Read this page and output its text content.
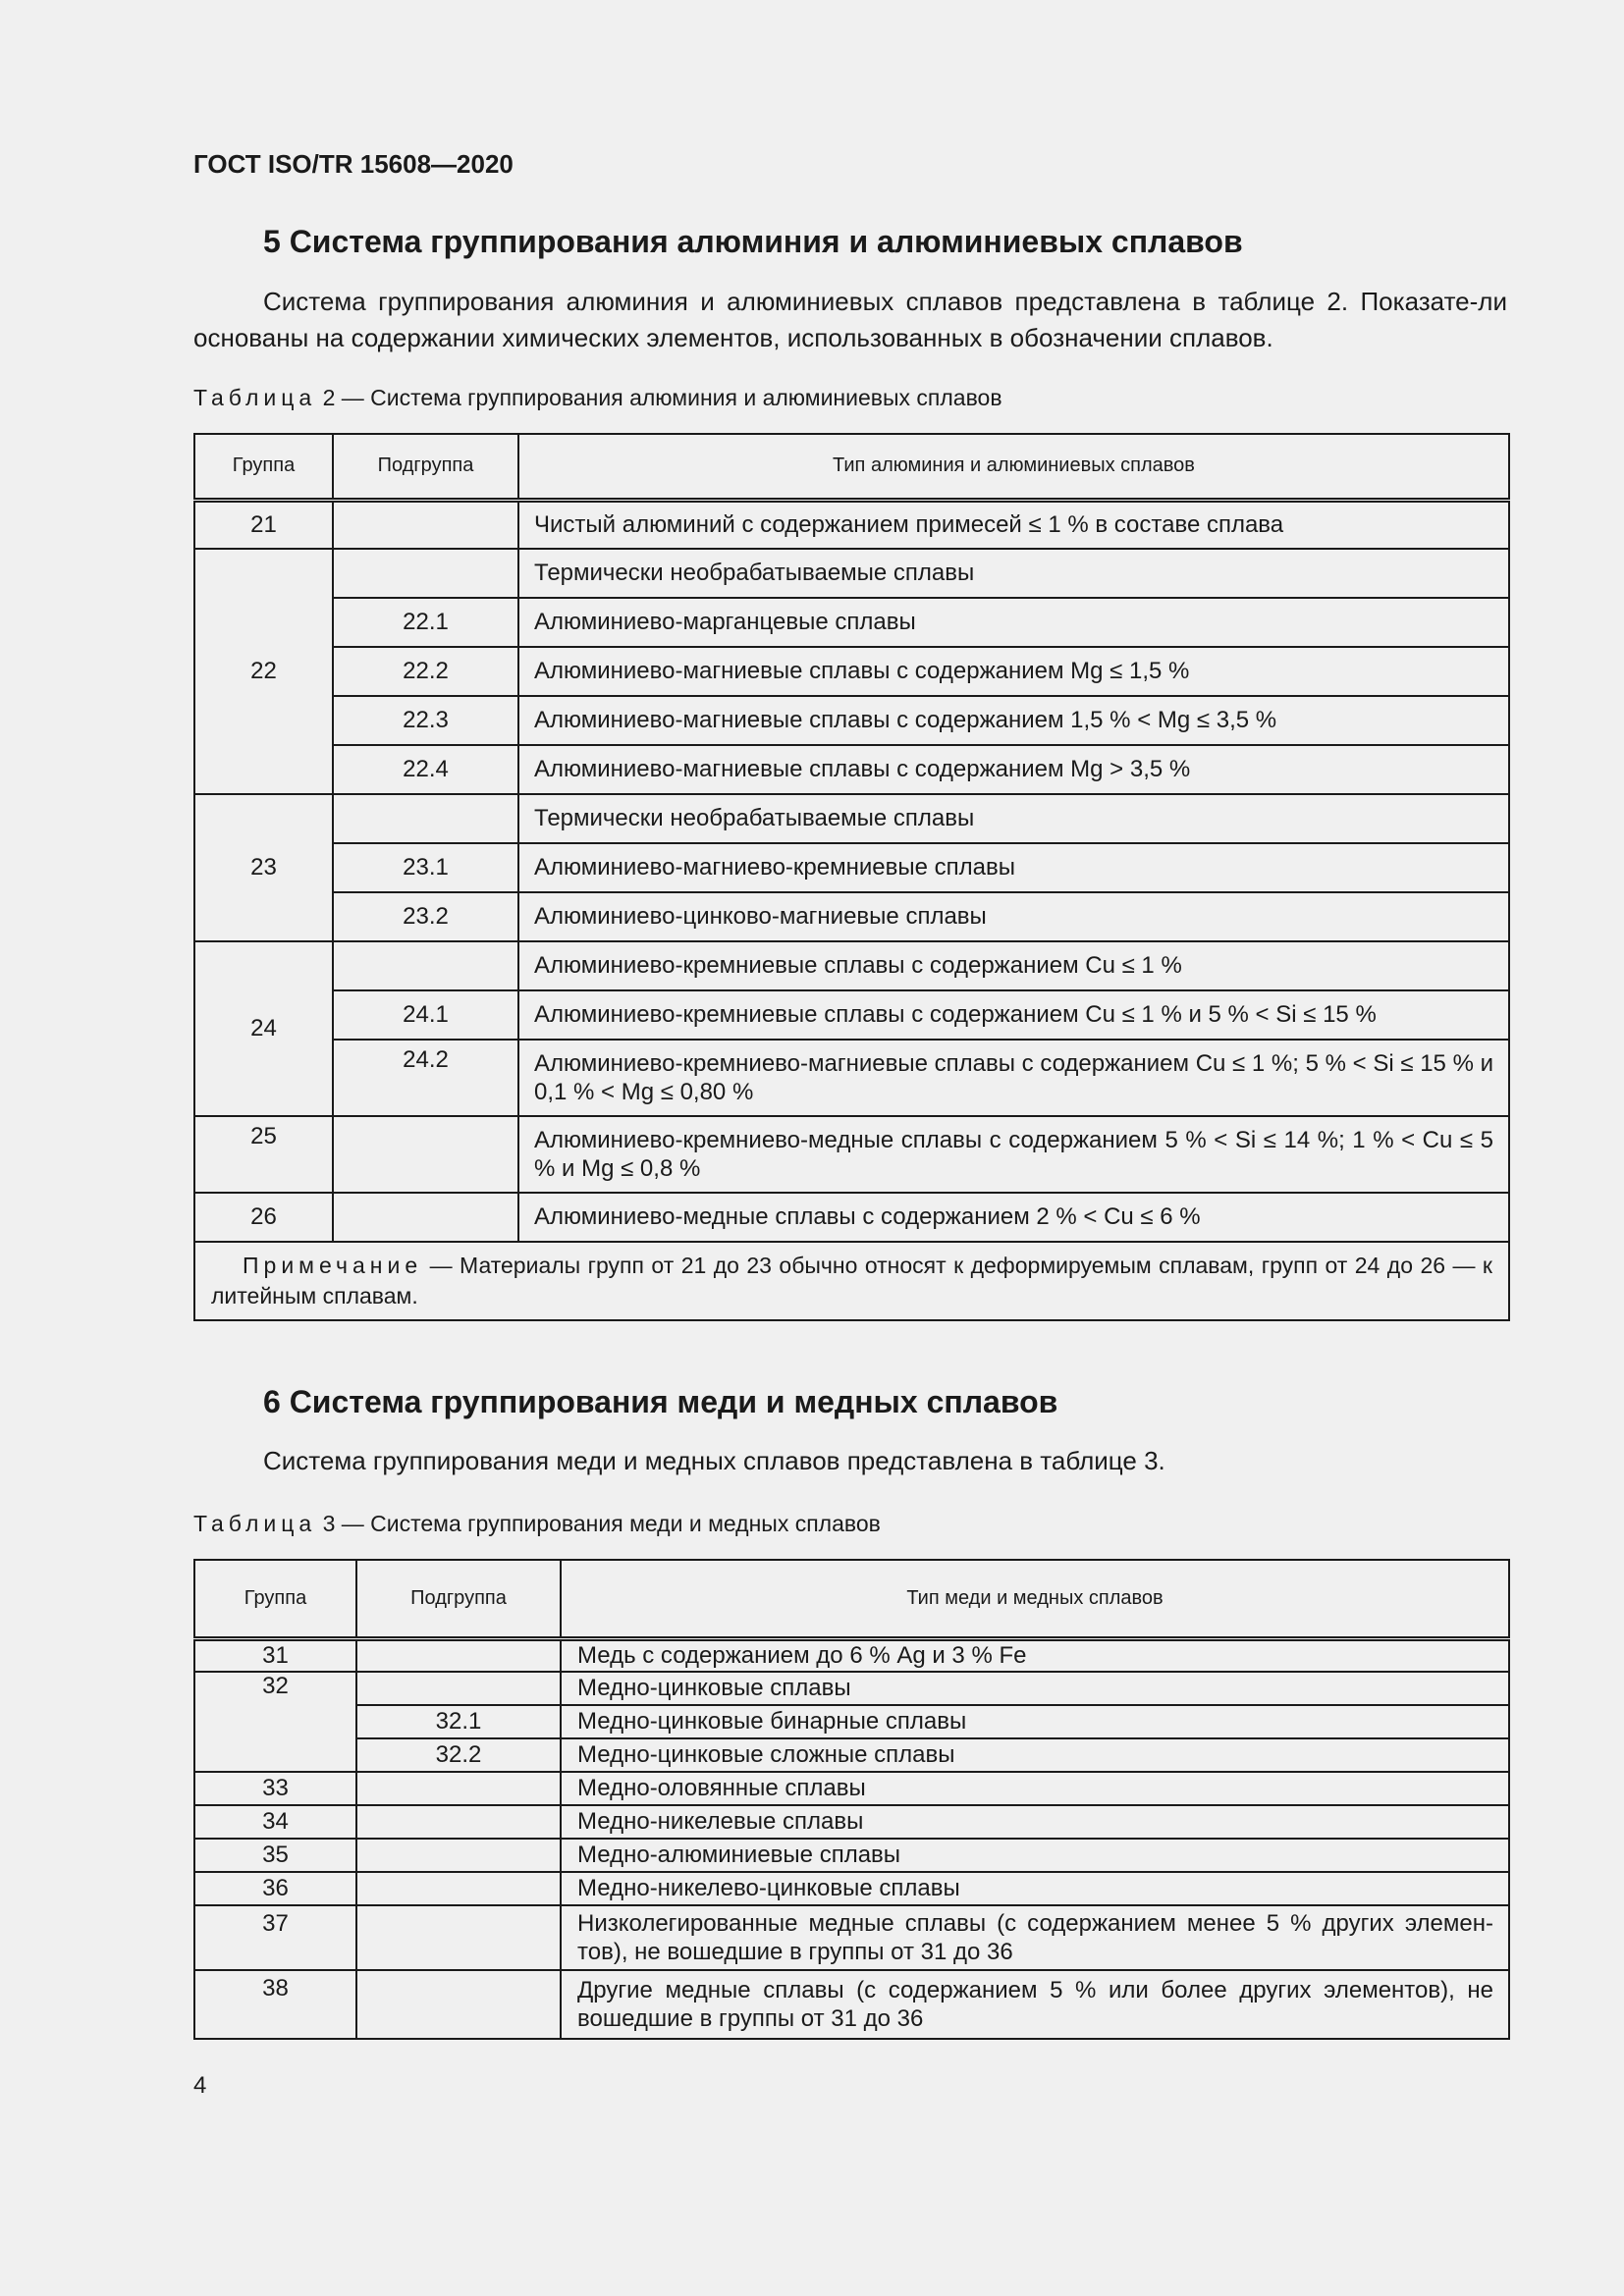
ГОСТ ISO/TR 15608—2020
5 Система группирования алюминия и алюминиевых сплавов
Система группирования алюминия и алюминиевых сплавов представлена в таблице 2. Показате-ли основаны на содержании химических элементов, использованных в обозначении сплавов.
Таблица 2 — Система группирования алюминия и алюминиевых сплавов
Группа	Подгруппа	Тип алюминия и алюминиевых сплавов
21		Чистый алюминий с содержанием примесей ≤ 1 % в составе сплава
22		Термически необрабатываемые сплавы
	22.1	Алюминиево-марганцевые сплавы
	22.2	Алюминиево-магниевые сплавы с содержанием Mg ≤ 1,5 %
	22.3	Алюминиево-магниевые сплавы с содержанием 1,5 % < Mg ≤ 3,5 %
	22.4	Алюминиево-магниевые сплавы с содержанием Mg > 3,5 %
23		Термически необрабатываемые сплавы
	23.1	Алюминиево-магниево-кремниевые сплавы
	23.2	Алюминиево-цинково-магниевые сплавы
24		Алюминиево-кремниевые сплавы с содержанием Cu ≤ 1 %
	24.1	Алюминиево-кремниевые сплавы с содержанием Cu ≤ 1 % и 5 % < Si ≤ 15 %
	24.2	Алюминиево-кремниево-магниевые сплавы с содержанием Cu ≤ 1 %; 5 % < Si ≤ 15 % и 0,1 % < Mg ≤ 0,80 %
25		Алюминиево-кремниево-медные сплавы с содержанием 5 % < Si ≤ 14 %; 1 % < Cu ≤ 5 % и Mg ≤ 0,8 %
26		Алюминиево-медные сплавы с содержанием 2 % < Cu ≤ 6 %
Примечание — Материалы групп от 21 до 23 обычно относят к деформируемым сплавам, групп от 24 до 26 — к литейным сплавам.		
6 Система группирования меди и медных сплавов
Система группирования меди и медных сплавов представлена в таблице 3.
Таблица 3 — Система группирования меди и медных сплавов
Группа	Подгруппа	Тип меди и медных сплавов
31		Медь с содержанием до 6 % Ag и 3 % Fe
32		Медно-цинковые сплавы
	32.1	Медно-цинковые бинарные сплавы
	32.2	Медно-цинковые сложные сплавы
33		Медно-оловянные сплавы
34		Медно-никелевые сплавы
35		Медно-алюминиевые сплавы
36		Медно-никелево-цинковые сплавы
37		Низколегированные медные сплавы (с содержанием менее 5 % других элемен-тов), не вошедшие в группы от 31 до 36
38		Другие медные сплавы (с содержанием 5 % или более других элементов), не вошедшие в группы от 31 до 36
4
